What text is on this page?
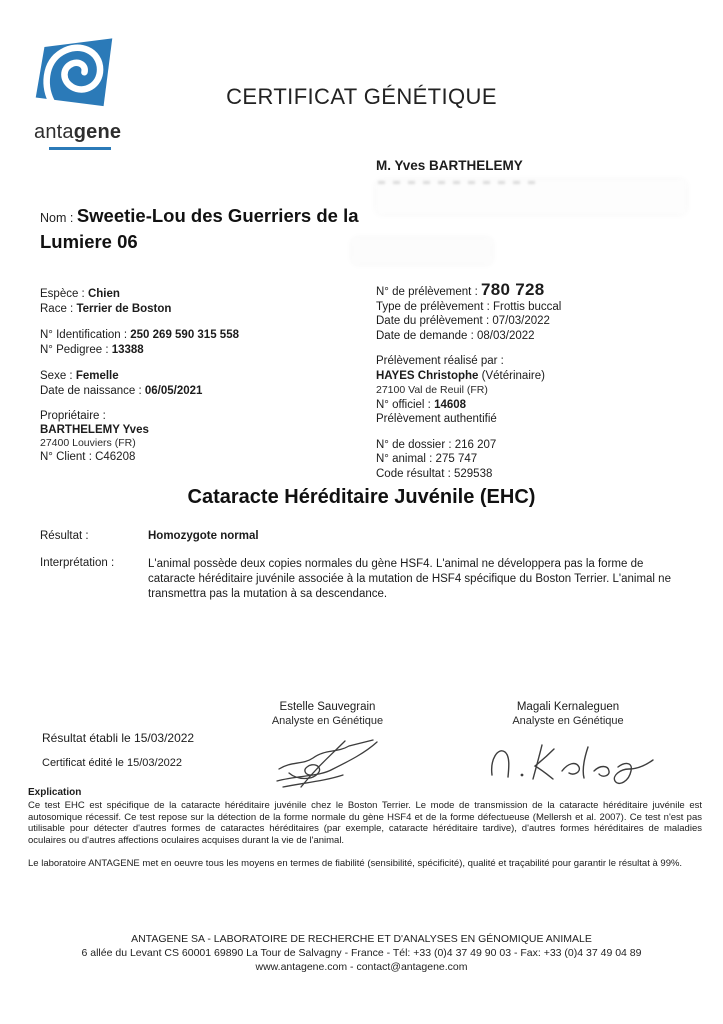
antagene
CERTIFICAT GÉNÉTIQUE
M. Yves BARTHELEMY
Nom : Sweetie-Lou des Guerriers de la Lumiere 06
Espèce : Chien
Race : Terrier de Boston
N° Identification : 250 269 590 315 558
N° Pedigree : 13388
Sexe : Femelle
Date de naissance : 06/05/2021
Propriétaire :
BARTHELEMY Yves
27400 Louviers (FR)
N° Client : C46208
N° de prélèvement : 780 728
Type de prélèvement : Frottis buccal
Date du prélèvement : 07/03/2022
Date de demande : 08/03/2022
Prélèvement réalisé par :
HAYES Christophe (Vétérinaire)
27100 Val de Reuil (FR)
N° officiel : 14608
Prélèvement authentifié
N° de dossier : 216 207
N° animal : 275 747
Code résultat : 529538
Cataracte Héréditaire Juvénile (EHC)
Résultat :	Homozygote normal
Interprétation :	L'animal possède deux copies normales du gène HSF4. L'animal ne développera pas la forme de cataracte héréditaire juvénile associée à la mutation de HSF4 spécifique du Boston Terrier. L'animal ne transmettra pas la mutation à sa descendance.
Estelle Sauvegrain
Analyste en Génétique
Magali Kernaleguen
Analyste en Génétique
Résultat établi le 15/03/2022
Certificat édité le 15/03/2022
Explication
Ce test EHC est spécifique de la cataracte héréditaire juvénile chez le Boston Terrier. Le mode de transmission de la cataracte héréditaire juvénile est autosomique récessif. Ce test repose sur la détection de la forme normale du gène HSF4 et de la forme défectueuse (Mellersh et al. 2007). Ce test n'est pas utilisable pour détecter d'autres formes de cataractes héréditaires (par exemple, cataracte héréditaire tardive), d'autres formes héréditaires de maladies oculaires ou d'autres affections oculaires acquises durant la vie de l'animal.
Le laboratoire ANTAGENE met en oeuvre tous les moyens en termes de fiabilité (sensibilité, spécificité), qualité et traçabilité pour garantir le résultat à 99%.
ANTAGENE SA - LABORATOIRE DE RECHERCHE ET D'ANALYSES EN GÉNOMIQUE ANIMALE
6 allée du Levant CS 60001 69890 La Tour de Salvagny - France - Tél: +33 (0)4 37 49 90 03 - Fax: +33 (0)4 37 49 04 89
www.antagene.com - contact@antagene.com
